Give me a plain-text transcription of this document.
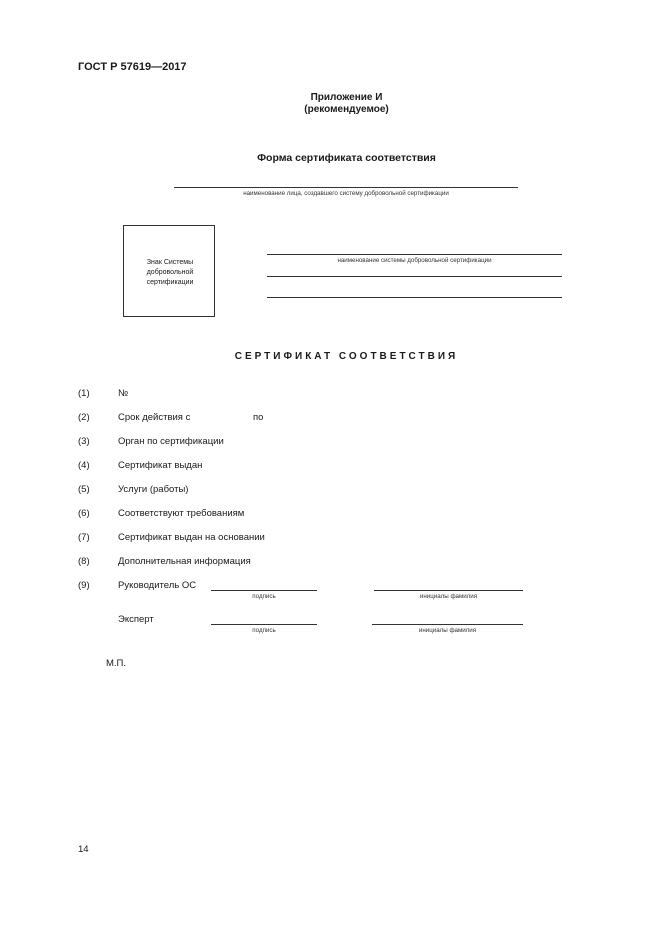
ГОСТ Р 57619—2017
Приложение И
(рекомендуемое)
Форма сертификата соответствия
наименование лица, создавшего систему добровольной сертификации
Знак Системы
добровольной
сертификации
наименование системы добровольной сертификации
СЕРТИФИКАТ СООТВЕТСТВИЯ
(1)	№
(2)	Срок действия с	по
(3)	Орган по сертификации
(4)	Сертификат выдан
(5)	Услуги (работы)
(6)	Соответствуют требованиям
(7)	Сертификат выдан на основании
(8)	Дополнительная информация
(9)	Руководитель ОС
подпись	инициалы фамилия
Эксперт
подпись	инициалы фамилия
М.П.
14
